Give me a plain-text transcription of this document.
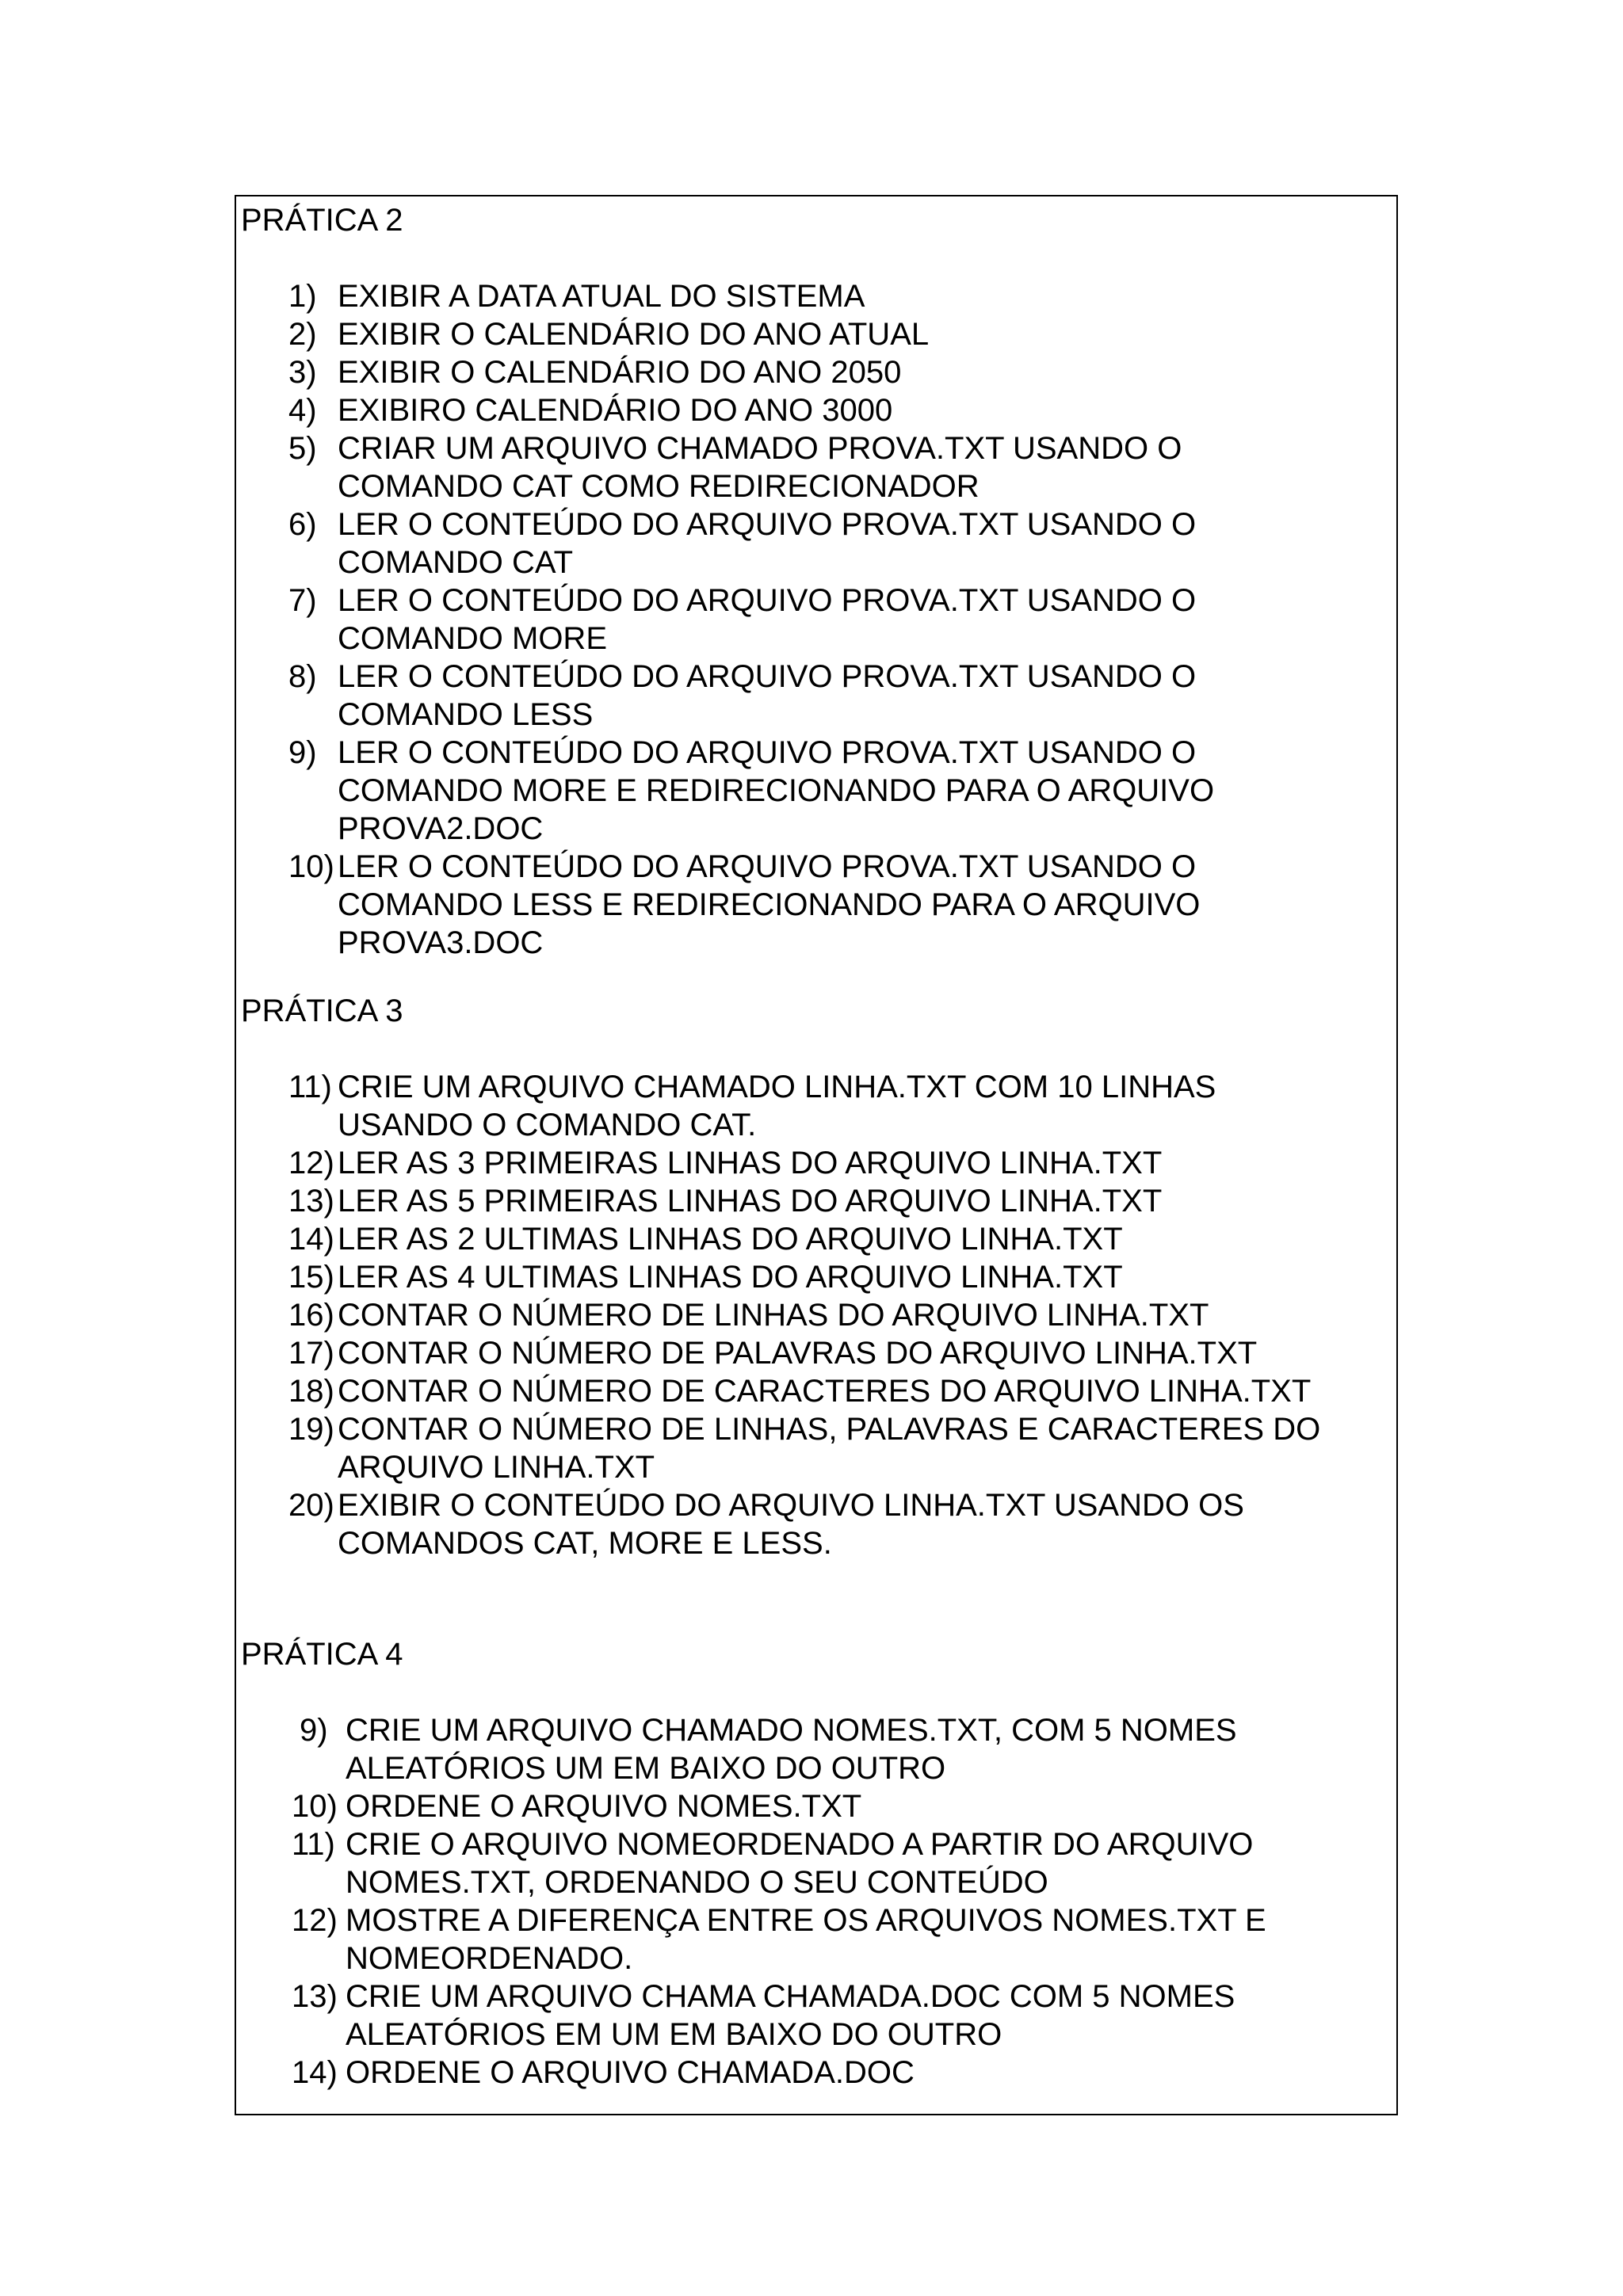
PRÁTICA 2
1) EXIBIR A DATA ATUAL DO SISTEMA
2) EXIBIR O CALENDÁRIO DO ANO ATUAL
3) EXIBIR O CALENDÁRIO DO ANO 2050
4) EXIBIRO CALENDÁRIO DO ANO 3000
5) CRIAR UM ARQUIVO CHAMADO PROVA.TXT USANDO O
COMANDO CAT COMO REDIRECIONADOR
6) LER O CONTEÚDO DO ARQUIVO PROVA.TXT USANDO O
COMANDO CAT
7) LER O CONTEÚDO DO ARQUIVO PROVA.TXT USANDO O
COMANDO MORE
8) LER O CONTEÚDO DO ARQUIVO PROVA.TXT USANDO O
COMANDO LESS
9) LER O CONTEÚDO DO ARQUIVO PROVA.TXT USANDO O
COMANDO MORE E REDIRECIONANDO PARA O ARQUIVO
PROVA2.DOC
10) LER O CONTEÚDO DO ARQUIVO PROVA.TXT USANDO O
COMANDO LESS E REDIRECIONANDO PARA O ARQUIVO
PROVA3.DOC
PRÁTICA 3
11) CRIE UM ARQUIVO CHAMADO LINHA.TXT COM 10 LINHAS
USANDO O COMANDO CAT.
12) LER AS 3 PRIMEIRAS LINHAS DO ARQUIVO LINHA.TXT
13) LER AS 5 PRIMEIRAS LINHAS DO ARQUIVO LINHA.TXT
14) LER AS 2 ULTIMAS LINHAS DO ARQUIVO LINHA.TXT
15) LER AS 4 ULTIMAS LINHAS DO ARQUIVO LINHA.TXT
16) CONTAR O NÚMERO DE LINHAS DO ARQUIVO LINHA.TXT
17) CONTAR O NÚMERO DE PALAVRAS DO ARQUIVO LINHA.TXT
18) CONTAR O NÚMERO DE CARACTERES DO ARQUIVO LINHA.TXT
19) CONTAR O NÚMERO DE LINHAS, PALAVRAS E CARACTERES DO
ARQUIVO LINHA.TXT
20) EXIBIR O CONTEÚDO DO ARQUIVO LINHA.TXT USANDO OS
COMANDOS CAT, MORE E LESS.
PRÁTICA 4
9) CRIE UM ARQUIVO CHAMADO NOMES.TXT, COM 5 NOMES
ALEATÓRIOS UM EM BAIXO DO OUTRO
10) ORDENE O ARQUIVO NOMES.TXT
11) CRIE O ARQUIVO NOMEORDENADO A PARTIR DO ARQUIVO
NOMES.TXT, ORDENANDO O SEU CONTEÚDO
12) MOSTRE A DIFERENÇA ENTRE OS ARQUIVOS NOMES.TXT E
NOMEORDENADO.
13) CRIE UM ARQUIVO CHAMA CHAMADA.DOC COM 5 NOMES
ALEATÓRIOS EM UM EM BAIXO DO OUTRO
14) ORDENE O ARQUIVO CHAMADA.DOC
